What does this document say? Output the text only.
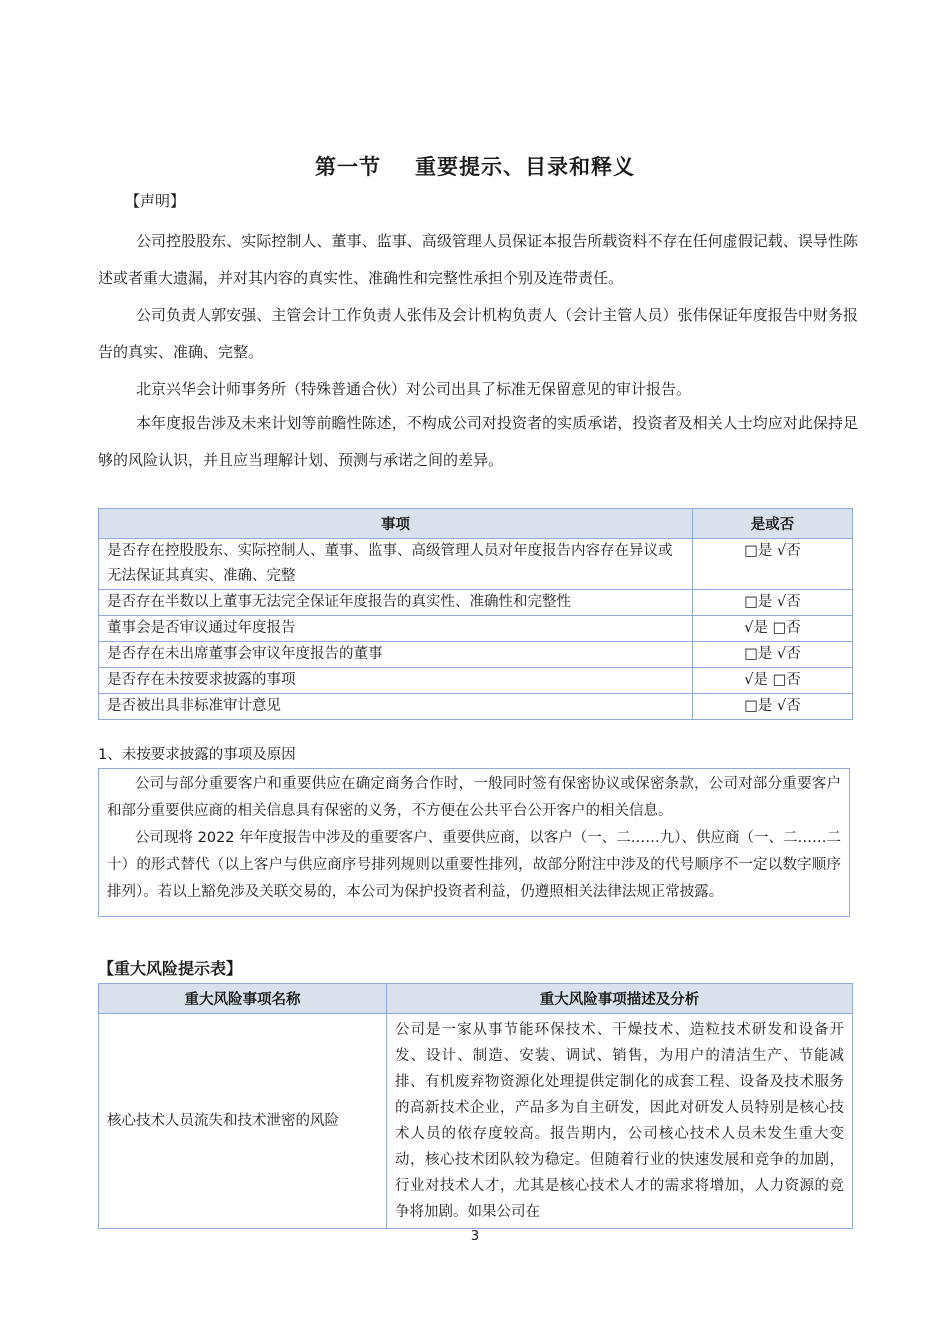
第一节 重要提示、目录和释义
【声明】

公司控股股东、实际控制人、董事、监事、高级管理人员保证本报告所载资料不存在任何虚假记载、误导性陈述或者重大遗漏，并对其内容的真实性、准确性和完整性承担个别及连带责任。

公司负责人郭安强、主管会计工作负责人张伟及会计机构负责人（会计主管人员）张伟保证年度报告中财务报告的真实、准确、完整。

北京兴华会计师事务所（特殊普通合伙）对公司出具了标准无保留意见的审计报告。

本年度报告涉及未来计划等前瞻性陈述，不构成公司对投资者的实质承诺，投资者及相关人士均应对此保持足够的风险认识，并且应当理解计划、预测与承诺之间的差异。

事项	是或否
是否存在控股股东、实际控制人、董事、监事、高级管理人员对年度报告内容存在异议或无法保证其真实、准确、完整	□是 √否
是否存在半数以上董事无法完全保证年度报告的真实性、准确性和完整性	□是 √否
董事会是否审议通过年度报告	√是 □否
是否存在未出席董事会审议年度报告的董事	□是 √否
是否存在未按要求披露的事项	√是 □否
是否被出具非标准审计意见	□是 √否
1、未按要求披露的事项及原因

公司与部分重要客户和重要供应在确定商务合作时，一般同时签有保密协议或保密条款，公司对部分重要客户和部分重要供应商的相关信息具有保密的义务，不方便在公共平台公开客户的相关信息。

公司现将 2022 年年度报告中涉及的重要客户、重要供应商，以客户（一、二……九）、供应商（一、二……二十）的形式替代（以上客户与供应商序号排列规则以重要性排列，故部分附注中涉及的代号顺序不一定以数字顺序排列）。若以上豁免涉及关联交易的，本公司为保护投资者利益，仍遵照相关法律法规正常披露。

【重大风险提示表】
重大风险事项名称	重大风险事项描述及分析
核心技术人员流失和技术泄密的风险	公司是一家从事节能环保技术、干燥技术、造粒技术研发和设备开发、设计、制造、安装、调试、销售，为用户的清洁生产、节能减排、有机废弃物资源化处理提供定制化的成套工程、设备及技术服务的高新技术企业，产品多为自主研发，因此对研发人员特别是核心技术人员的依存度较高。报告期内，公司核心技术人员未发生重大变动，核心技术团队较为稳定。但随着行业的快速发展和竞争的加剧，行业对技术人才，尤其是核心技术人才的需求将增加，人力资源的竞争将加剧。如果公司在
3
